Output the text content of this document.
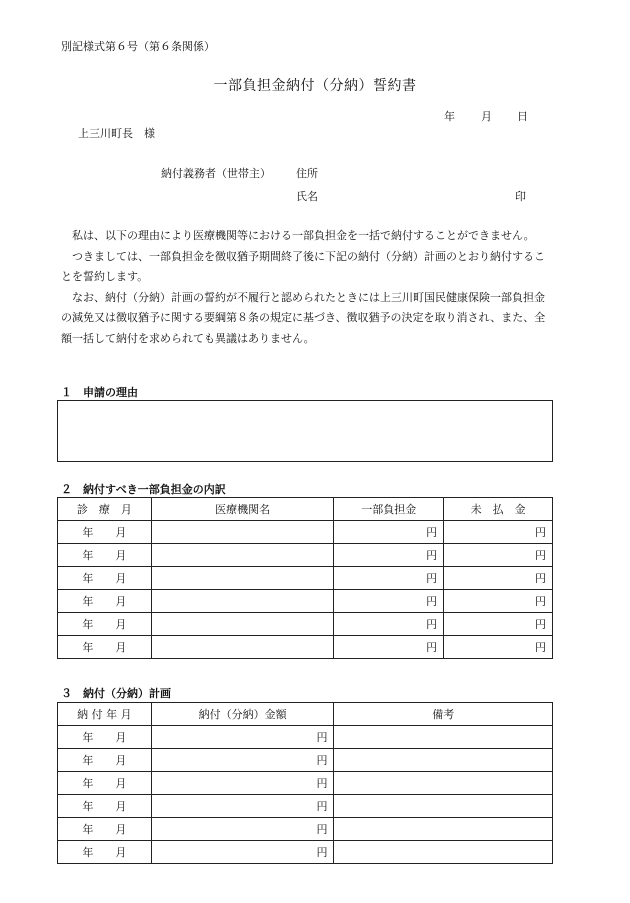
別記様式第６号（第６条関係）
一部負担金納付（分納）誓約書
年 月 日
上三川町長　様
納付義務者（世帯主） 住所
氏名	印

私は、以下の理由により医療機関等における一部負担金を一括で納付することができません。

つきましては、一部負担金を徴収猶予期間終了後に下記の納付（分納）計画のとおり納付することを誓約します。

なお、納付（分納）計画の誓約が不履行と認められたときには上三川町国民健康保険一部負担金の減免又は徴収猶予に関する要綱第８条の規定に基づき、徴収猶予の決定を取り消され、また、全額一括して納付を求められても異議はありません。

１　申請の理由
２　納付すべき一部負担金の内訳
診　療　月	医療機関名	一部負担金	未　払　金
年 月		円	円
年 月		円	円
年 月		円	円
年 月		円	円
年 月		円	円
年 月		円	円
３　納付（分納）計画
納 付 年 月	納付（分納）金額	備考
年 月	円	
年 月	円	
年 月	円	
年 月	円	
年 月	円	
年 月	円	
